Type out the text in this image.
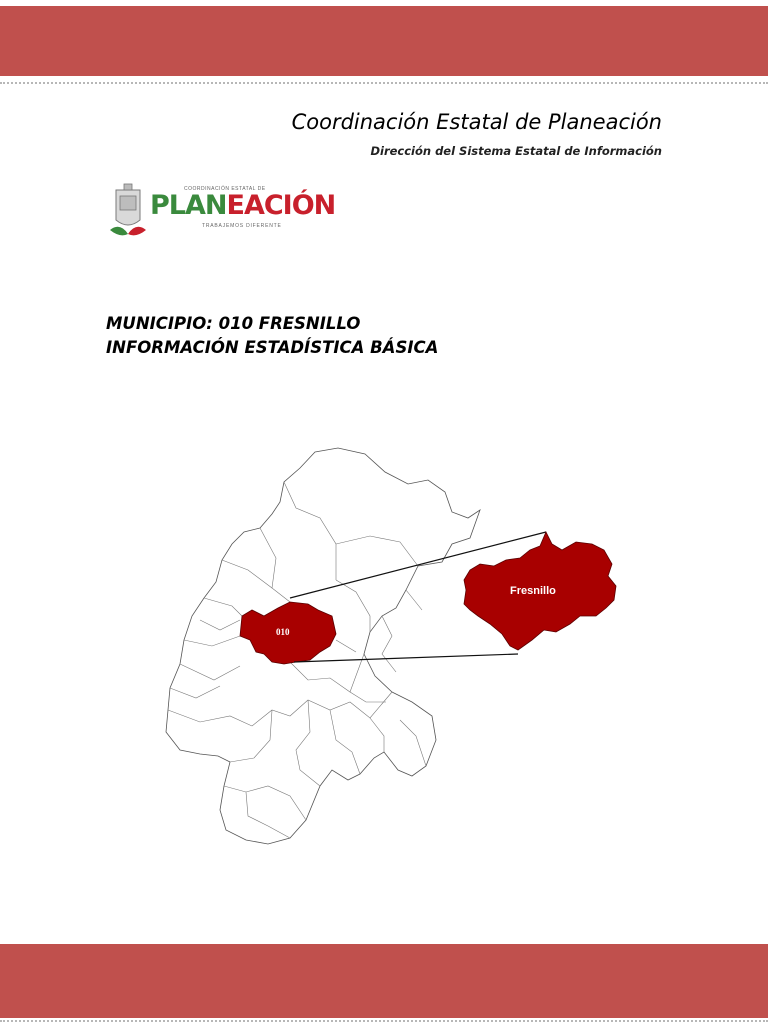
Coordinación Estatal de Planeación
Dirección del Sistema Estatal de Información
COORDINACIÓN ESTATAL DE
PLANEACIÓN
TRABAJEMOS DIFERENTE
MUNICIPIO: 010 FRESNILLO
INFORMACIÓN ESTADÍSTICA BÁSICA
010
Fresnillo
